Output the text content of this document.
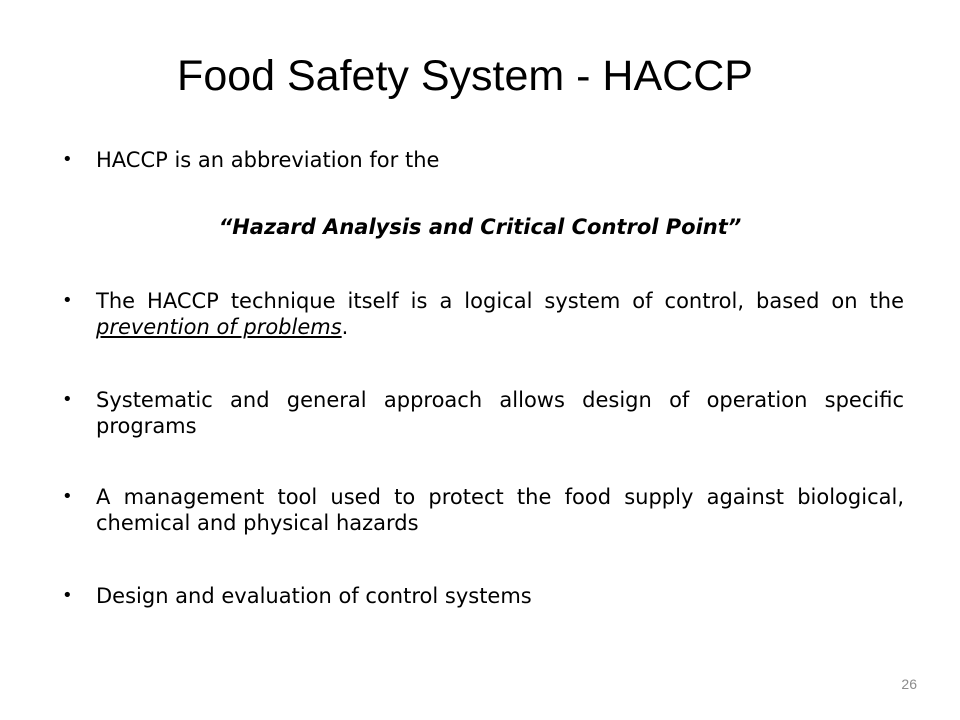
Food Safety System - HACCP
• HACCP is an abbreviation for the
“Hazard Analysis and Critical Control Point”
• The HACCP technique itself is a logical system of control, based on the prevention of problems.
• Systematic and general approach allows design of operation specific programs
• A management tool used to protect the food supply against biological, chemical and physical hazards
• Design and evaluation of control systems
26
